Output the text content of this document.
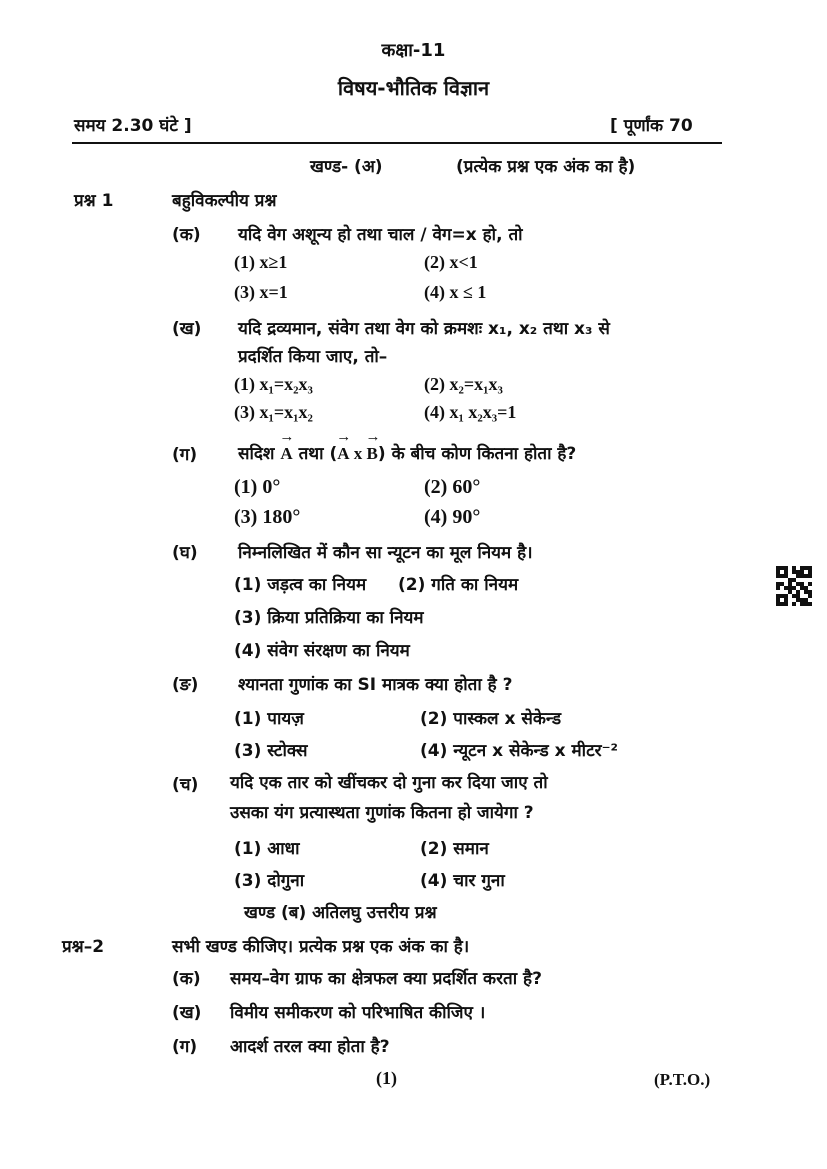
कक्षा-11
विषय-भौतिक विज्ञान
समय 2.30 घंटे ]	[ पूर्णांक 70
खण्ड- (अ)	(प्रत्येक प्रश्न एक अंक का है)
प्रश्न 1	बहुविकल्पीय प्रश्न
(क) यदि वेग अशून्य हो तथा चाल / वेग=x हो, तो
(1) x≥1	(2) x<1
(3) x=1	(4) x ≤ 1
(ख) यदि द्रव्यमान, संवेग तथा वेग को क्रमशः x₁, x₂ तथा x₃ से
प्रदर्शित किया जाए, तो–
(1) x₁=x₂x₃	(2) x₂=x₁x₃
(3) x₁=x₁x₂	(4) x₁ x₂x₃=1
(ग) सदिश → A तथा (→ A x → B) के बीच कोण कितना होता है?
(1) 0°	(2) 60°
(3) 180°	(4) 90°
(घ) निम्नलिखित में कौन सा न्यूटन का मूल नियम है।
(1) जड़त्व का नियम (2) गति का नियम
(3) क्रिया प्रतिक्रिया का नियम
(4) संवेग संरक्षण का नियम
(ङ) श्यानता गुणांक का SI मात्रक क्या होता है ?
(1) पायज़	(2) पास्कल x सेकेन्ड
(3) स्टोक्स	(4) न्यूटन x सेकेन्ड x मीटर⁻²
(च) यदि एक तार को खींचकर दो गुना कर दिया जाए तो
उसका यंग प्रत्यास्थता गुणांक कितना हो जायेगा ?
(1) आधा	(2) समान
(3) दोगुना	(4) चार गुना
खण्ड (ब) अतिलघु उत्तरीय प्रश्न
प्रश्न–2	सभी खण्ड कीजिए। प्रत्येक प्रश्न एक अंक का है।
(क) समय–वेग ग्राफ का क्षेत्रफल क्या प्रदर्शित करता है?
(ख) विमीय समीकरण को परिभाषित कीजिए ।
(ग) आदर्श तरल क्या होता है?
(1)	(P.T.O.)
